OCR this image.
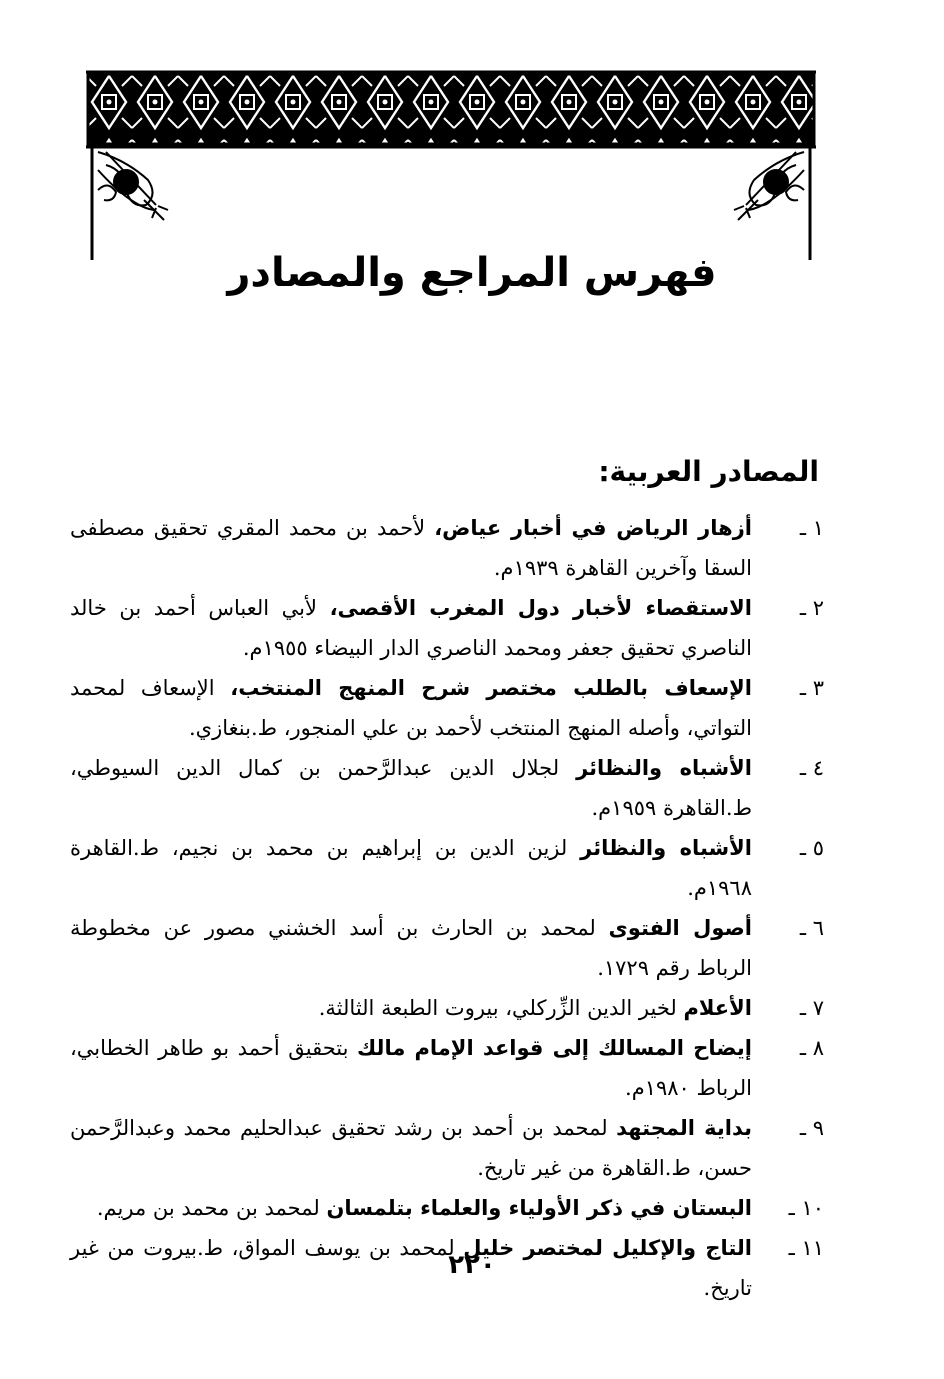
فهرس المراجع والمصادر
المصادر العربية:
١ ـ
أزهار الرياض في أخبار عياض، لأحمد بن محمد المقري تحقيق مصطفى السقا وآخرين القاهرة ١٩٣٩م.
٢ ـ
الاستقصاء لأخبار دول المغرب الأقصى، لأبي العباس أحمد بن خالد الناصري تحقيق جعفر ومحمد الناصري الدار البيضاء ١٩٥٥م.
٣ ـ
الإسعاف بالطلب مختصر شرح المنهج المنتخب، الإسعاف لمحمد التواتي، وأصله المنهج المنتخب لأحمد بن علي المنجور، ط.بنغازي.
٤ ـ
الأشباه والنظائر لجلال الدين عبدالرَّحمن بن كمال الدين السيوطي، ط.القاهرة ١٩٥٩م.
٥ ـ
الأشباه والنظائر لزين الدين بن إبراهيم بن محمد بن نجيم، ط.القاهرة ١٩٦٨م.
٦ ـ
أصول الفتوى لمحمد بن الحارث بن أسد الخشني مصور عن مخطوطة الرباط رقم ١٧٢٩.
٧ ـ
الأعلام لخير الدين الزِّركلي، بيروت الطبعة الثالثة.
٨ ـ
إيضاح المسالك إلى قواعد الإمام مالك بتحقيق أحمد بو طاهر الخطابي، الرباط ١٩٨٠م.
٩ ـ
بداية المجتهد لمحمد بن أحمد بن رشد تحقيق عبدالحليم محمد وعبدالرَّحمن حسن، ط.القاهرة من غير تاريخ.
١٠ ـ
البستان في ذكر الأولياء والعلماء بتلمسان لمحمد بن محمد بن مريم.
١١ ـ
التاج والإكليل لمختصر خليل لمحمد بن يوسف المواق، ط.بيروت من غير تاريخ.
٢٢٠
